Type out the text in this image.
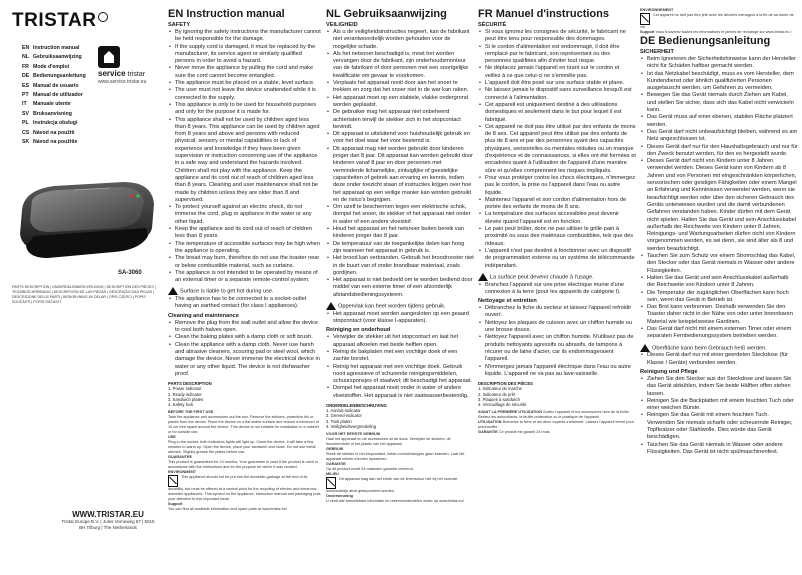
TRISTAR
EN Instruction manual
NL Gebruiksaanwijzing
FR Mode d'emploi
DE Bedienungsanleitung
ES Manual de usuario
PT Manual de utilizador
IT Manuale utente
SV Bruksanvisning
PL Instrukcja obsługi
CS Návod na použití
SK Návod na použitie
service tristar
www.service.tristar.eu
SA-3060
PARTS DESCRIPTION | ONDERDELENBESCHRIJVING | DESCRIPTION DES PIÈCES | TEILEBESCHREIBUNG | DESCRIPCIÓN DE LAS PIEZAS | DESCRIÇÃO DAS PEÇAS | DESCRIZIONE DELLE PARTI | BESKRIVNING AV DELAR | OPIS CZĘŚCI | POPIS SOUČÁSTÍ | POPIS SÚČASTÍ
WWW.TRISTAR.EU
Tristar Europe B.V. | Jules Verneweg 87 | 5015 BH Tilburg | The Netherlands
EN Instruction manual
SAFETY
• By ignoring the safety instructions the manufacturer cannot be held responsible for the damage.
• If the supply cord is damaged, it must be replaced by the manufacturer, its service agent or similarly qualified persons in order to avoid a hazard.
• Never move the appliance by pulling the cord and make sure the cord cannot become entangled.
• The appliance must be placed on a stable, level surface.
• The user must not leave the device unattended while it is connected to the supply.
• This appliance is only to be used for household purposes and only for the purpose it is made for.
• This appliance shall not be used by children aged less than 8 years. This appliance can be used by children aged from 8 years and above and persons with reduced physical, sensory or mental capabilities or lack of experience and knowledge if they have been given supervision or instruction concerning use of the appliance in a safe way and understand the hazards involved. Children shall not play with the appliance. Keep the appliance and its cord out of reach of children aged less than 8 years. Cleaning and user maintenance shall not be made by children unless they are older than 8 and supervised.
• To protect yourself against an electric shock, do not immerse the cord, plug or appliance in the water or any other liquid.
• Keep the appliance and its cord out of reach of children less than 8 years.
• The temperature of accessible surfaces may be high when the appliance is operating.
• The bread may burn, therefore do not use the toaster near or below combustible material, such as curtains.
• The appliance is not intended to be operated by means of an external timer or a separate remote-control system.
Surface is liable to get hot during use.
• The appliance has to be connected to a socket-outlet having an earthed contact (for class I appliances).
Cleaning and maintenance
• Remove the plug from the wall outlet and allow the device to cool both halves open.
• Clean the baking plates with a damp cloth or soft brush.
• Clean the appliance with a damp cloth. Never use harsh and abrasive cleaners, scouring pad or steel wool, which damage the device. Never immerse the electrical device in water or any other liquid. The device is not dishwasher proof.
PARTS DESCRIPTION
1. Power indicator
2. Ready indicator
3. Sandwich plates
4. Safety lock
BEFORE THE FIRST USE
Take the appliance and accessories out the box. Remove the stickers, protective foil or plastic from the device. Place the device on a flat stable surface and ensure a minimum of 10 cm free space around the device. This device is not suitable for installation in a cabinet or for outside use.
USE
Plug in the socket; both indicators lights will light up. Close the device, it will take a few minutes to warm up. Open the device, place your sandwich and close. Do not use metal utensils. Slightly grease the plates before use.
GUARANTEE
This product is guaranteed for 24 months. Your guarantee is valid if the product is used in accordance with the instructions and for the purpose for which it was created.
ENVIRONMENT
This appliance should not be put into the domestic garbage at the end of its durability, but must be offered at a central point for the recycling of electric and electronic domestic appliances. This symbol on the appliance, instruction manual and packaging puts your attention to this important issue.
Support
You can find all available information and spare parts at www.tristar.eu!
NL Gebruiksaanwijzing
VEILIGHEID
• Als u de veiligheidsinstructies negeert, kan de fabrikant niet verantwoordelijk worden gehouden voor de mogelijke schade.
• Als het netsnoer beschadigd is, moet het worden vervangen door de fabrikant, zijn onderhoudsmonteur van de fabrikant of door personen met een soortgelijke kwalificatie om gevaar te voorkomen.
• Verplaats het apparaat nooit door aan het snoer te trekken en zorg dat het snoer niet in de war kan raken.
• Het apparaat moet op een stabiele, vlakke ondergrond worden geplaatst.
• De gebruiker mag het apparaat niet onbeheerd achterlaten terwijl de stekker zich in het stopcontact bevindt.
• Dit apparaat is uitsluitend voor huishoudelijk gebruik en voor het doel waar het voor bestemd is.
• Dit apparaat mag niet worden gebruikt door kinderen jonger dan 8 jaar. Dit apparaat kan worden gebruikt door kinderen vanaf 8 jaar en door personen met verminderde lichamelijke, zintuiglijke of geestelijke capaciteiten of gebrek aan ervaring en kennis, indien deze onder toezicht staan of instructies krijgen over hoe het apparaat op een veilige manier kan worden gebruikt en de risico's begrijpen.
• Om uzelf te beschermen tegen een elektrische schok, dompel het snoer, de stekker of het apparaat niet onder in water of een andere vloeistof.
• Houd het apparaat en het netsnoer buiten bereik van kinderen jonger dan 8 jaar.
• De temperatuur van de toegankelijke delen kan hoog zijn wanneer het apparaat in gebruik is.
• Het brood kan verbranden. Gebruik het broodrooster niet in de buurt van of onder brandbaar materiaal, zoals gordijnen.
• Het apparaat is niet bedoeld om te worden bediend door middel van een externe timer of een afzonderlijk afstandsbedieningssysteem.
Oppervlak kan heet worden tijdens gebruik.
• Het apparaat moet worden aangesloten op een geaard stopcontact (voor klasse I-apparaten).
Reiniging en onderhoud
• Verwijder de stekker uit het stopcontact en laat het apparaat afkoelen met beide helften open.
• Reinig de bakplaten met een vochtige doek of een zachte borstel.
• Reinig het apparaat met een vochtige doek. Gebruik nooit agressieve of schurende reinigingsmiddelen, schuursponsjes of staalwol; dit beschadigt het apparaat.
• Dompel het apparaat nooit onder in water of andere vloeistoffen. Het apparaat is niet vaatwasserbestendig.
ONDERDELENBESCHRIJVING
1. Aan/uit-indicator
2. Gereed-indicator
3. Tosti platen
4. Veiligheidsvergrendeling
VOOR HET EERSTE GEBRUIK
Haal het apparaat en de accessoires uit de doos. Verwijder de stickers, de beschermfolie of het plastic van het apparaat.
GEBRUIK
Steek de stekker in het stopcontact, beide controlelampjes gaan branden. Laat het apparaat enkele minuten opwarmen.
GARANTIE
Op dit product wordt 24 maanden garantie verleend.
MILIEU
Dit apparaat mag aan het einde van de levensduur niet bij het normale huishoudelijk afval gedeponeerd worden.
Ondersteuning
U vindt alle beschikbare informatie en reserveonderdelen onder op www.tristar.eu!
FR Manuel d'instructions
SÉCURITÉ
• Si vous ignorez les consignes de sécurité, le fabricant ne peut être tenu pour responsable des dommages.
• Si le cordon d'alimentation est endommagé, il doit être remplacé par le fabricant, son représentant ou des personnes qualifiées afin d'éviter tout risque.
• Ne déplacez jamais l'appareil en tirant sur le cordon et veillez à ce que celui-ci ne s'emmêle pas.
• L'appareil doit être posé sur une surface stable et plane.
• Ne laissez jamais le dispositif sans surveillance lorsqu'il est connecté à l'alimentation.
• Cet appareil est uniquement destiné à des utilisations domestiques et seulement dans le but pour lequel il est fabriqué.
• Cet appareil ne doit pas être utilisé par des enfants de moins de 8 ans. Cet appareil peut être utilisé par des enfants de plus de 8 ans et par des personnes ayant des capacités physiques, sensorielles ou mentales réduites ou un manque d'expérience et de connaissances, si elles ont été formées et encadrées quant à l'utilisation de l'appareil d'une manière sûre et qu'elles comprennent les risques impliqués.
• Pour vous protéger contre les chocs électriques, n'immergez pas le cordon, la prise ou l'appareil dans l'eau ou autre liquide.
• Maintenez l'appareil et son cordon d'alimentation hors de portée des enfants de moins de 8 ans.
• La température des surfaces accessibles peut devenir élevée quand l'appareil est en fonction.
• Le pain peut brûler, donc ne pas utiliser le grille-pain à proximité ou sous des matériaux combustibles, tels que des rideaux.
• L'appareil n'est pas destiné à fonctionner avec un dispositif de programmation externe ou un système de télécommande indépendant.
La surface peut devenir chaude à l'usage.
• Branchez l'appareil sur une prise électrique munie d'une connexion à la terre (pour les appareils de catégorie I).
Nettoyage et entretien
• Débranchez la fiche du secteur et laissez l'appareil refroidir ouvert.
• Nettoyez les plaques de cuisson avec un chiffon humide ou une brosse douce.
• Nettoyez l'appareil avec un chiffon humide. N'utilisez pas de produits nettoyants agressifs ou abrasifs, de tampons à récurer ou de laine d'acier, car ils endommageraient l'appareil.
• N'immergez jamais l'appareil électrique dans l'eau ou autre liquide. L'appareil ne va pas au lave-vaisselle.
DESCRIPTION DES PIÈCES
1. Indicateur de marche
2. Indicateur de prêt
3. Plaques à sandwich
4. Verrouillage de sécurité
AVANT LA PREMIÈRE UTILISATION Sortez l'appareil et les accessoires hors de la boîte. Retirez les autocollants, la feuille protectrice ou le plastique de l'appareil.
UTILISATION Branchez la fiche et les deux voyants s'allument. Laissez l'appareil fermé pour préchauffer.
GARANTIE Ce produit est garanti 24 mois.
ENVIRONNEMENT
Cet appareil ne doit pas être jeté avec les déchets ménagers à la fin de sa durée de vie.
Support Vous trouverez toutes les informations et pièces de rechange sur www.tristar.eu !
DE Bedienungsanleitung
SICHERHEIT
• Beim Ignorieren der Sicherheitshinweise kann der Hersteller nicht für Schäden haftbar gemacht werden.
• Ist das Netzkabel beschädigt, muss es vom Hersteller, dem Kundendienst oder ähnlich qualifizierten Personen ausgetauscht werden, um Gefahren zu vermeiden.
• Bewegen Sie das Gerät niemals durch Ziehen am Kabel, und stellen Sie sicher, dass sich das Kabel nicht verwickeln kann.
• Das Gerät muss auf einer ebenen, stabilen Fläche platziert werden.
• Das Gerät darf nicht unbeaufsichtigt bleiben, während es am Netz angeschlossen ist.
• Dieses Gerät darf nur für den Haushaltsgebrauch und nur für den Zweck benutzt werden, für den es hergestellt wurde.
• Dieses Gerät darf nicht von Kindern unter 8 Jahren verwendet werden. Dieses Gerät kann von Kindern ab 8 Jahren und von Personen mit eingeschränkten körperlichen, sensorischen oder geistigen Fähigkeiten oder einem Mangel an Erfahrung und Kenntnissen verwendet werden, wenn sie beaufsichtigt werden oder über den sicheren Gebrauch des Geräts unterwiesen wurden und die damit verbundenen Gefahren verstanden haben. Kinder dürfen mit dem Gerät nicht spielen. Halten Sie das Gerät und sein Anschlusskabel außerhalb der Reichweite von Kindern unter 8 Jahren. Reinigungs- und Wartungsarbeiten dürfen nicht von Kindern vorgenommen werden, es sei denn, sie sind älter als 8 und werden beaufsichtigt.
• Tauchen Sie zum Schutz vor einem Stromschlag das Kabel, den Stecker oder das Gerät niemals in Wasser oder andere Flüssigkeiten.
• Halten Sie das Gerät und sein Anschlusskabel außerhalb der Reichweite von Kindern unter 8 Jahren.
• Die Temperatur der zugänglichen Oberflächen kann hoch sein, wenn das Gerät in Betrieb ist.
• Das Brot kann verbrennen. Deshalb verwenden Sie den Toaster daher nicht in der Nähe von oder unter brennbaren Material wie beispielsweise Gardinen.
• Das Gerät darf nicht mit einem externen Timer oder einem separaten Fernbedienungssystem betrieben werden.
Oberfläche kann beim Gebrauch heiß werden.
• Dieses Gerät darf nur mit einer geerdeten Steckdose (für Klasse I Geräte) verbunden werden.
Reinigung und Pflege
• Ziehen Sie den Stecker aus der Steckdose und lassen Sie das Gerät abkühlen, indem Sie beide Hälften offen stehen lassen.
• Reinigen Sie die Backplatten mit einem feuchten Tuch oder einer weichen Bürste.
• Reinigen Sie das Gerät mit einem feuchten Tuch. Verwenden Sie niemals scharfe oder scheuernde Reiniger, Topfkratzer oder Stahlwolle. Dies würde das Gerät beschädigen.
• Tauchen Sie das Gerät niemals in Wasser oder andere Flüssigkeiten. Das Gerät ist nicht spülmaschinenfest.
